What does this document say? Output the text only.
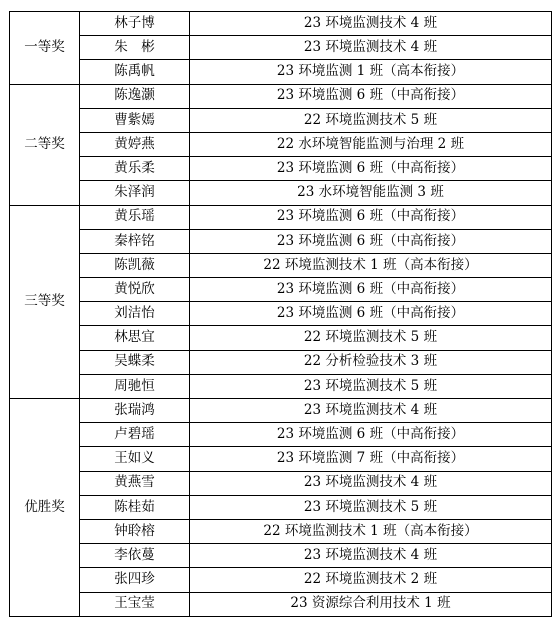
一等奖	林子博	23 环境监测技术 4 班
	朱　彬	23 环境监测技术 4 班
	陈禹帆	23 环境监测 1 班（高本衔接）
二等奖	陈逸灏	23 环境监测 6 班（中高衔接）
	曹紫嫣	22 环境监测技术 5 班
	黄婷燕	22 水环境智能监测与治理 2 班
	黄乐柔	23 环境监测 6 班（中高衔接）
	朱泽润	23 水环境智能监测 3 班
三等奖	黄乐瑶	23 环境监测 6 班（中高衔接）
	秦梓铭	23 环境监测 6 班（中高衔接）
	陈凯薇	22 环境监测技术 1 班（高本衔接）
	黄悦欣	23 环境监测 6 班（中高衔接）
	刘洁怡	23 环境监测 6 班（中高衔接）
	林思宜	22 环境监测技术 5 班
	吴蝶柔	22 分析检验技术 3 班
	周驰恒	23 环境监测技术 5 班
优胜奖	张瑞鸿	23 环境监测技术 4 班
	卢碧瑶	23 环境监测 6 班（中高衔接）
	王如义	23 环境监测 7 班（中高衔接）
	黄燕雪	23 环境监测技术 4 班
	陈桂茹	23 环境监测技术 5 班
	钟聆榕	22 环境监测技术 1 班（高本衔接）
	李依蔓	23 环境监测技术 4 班
	张四珍	22 环境监测技术 2 班
	王宝莹	23 资源综合利用技术 1 班
